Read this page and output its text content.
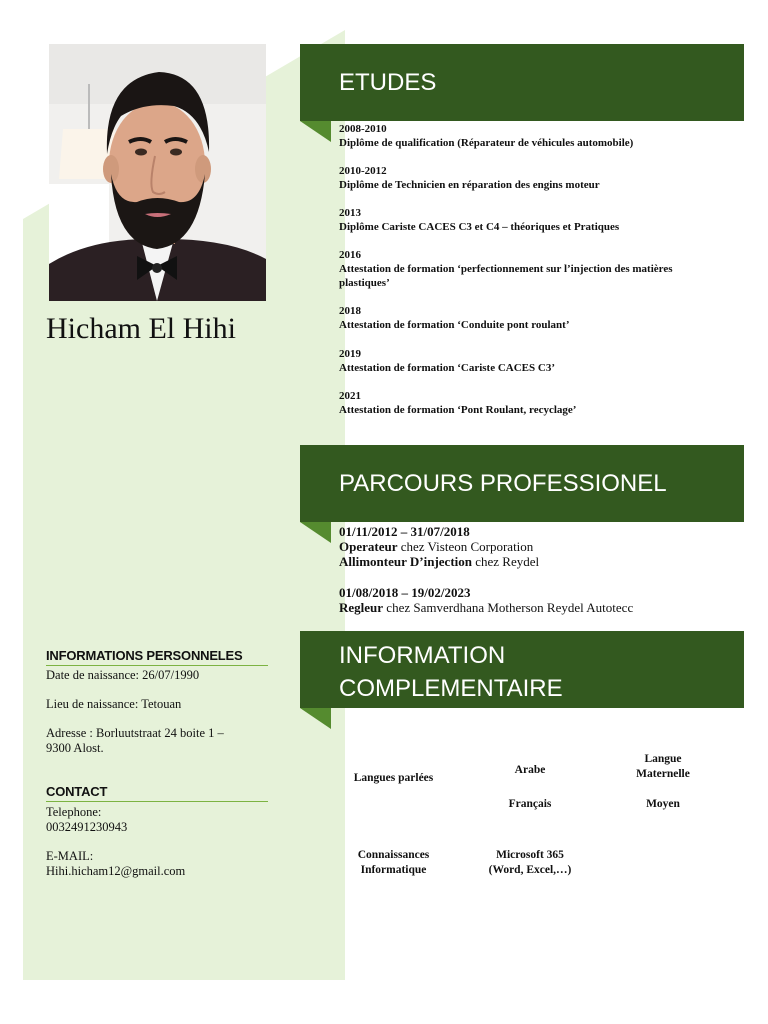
Hicham El Hihi
INFORMATIONS PERSONNELES
Date de naissance: 26/07/1990
Lieu de naissance: Tetouan
Adresse : Borluutstraat 24 boite 1 –
9300 Alost.
CONTACT
Telephone:
0032491230943
E-MAIL:
Hihi.hicham12@gmail.com
ETUDES
2008-2010
Diplôme de qualification (Réparateur de véhicules automobile)
2010-2012
Diplôme de Technicien en réparation des engins moteur
2013
Diplôme Cariste CACES C3 et C4 – théoriques et Pratiques
2016
Attestation de formation ‘perfectionnement sur l’injection des matières plastiques’
2018
Attestation de formation ‘Conduite pont roulant’
2019
Attestation de formation ‘Cariste CACES C3’
2021
Attestation de formation ‘Pont Roulant, recyclage’
PARCOURS PROFESSIONEL
01/11/2012 – 31/07/2018
Operateur chez Visteon Corporation
Allimonteur D’injection chez Reydel
01/08/2018 – 19/02/2023
Regleur chez Samverdhana Motherson Reydel Autotecc
INFORMATION
COMPLEMENTAIRE
Langues parlées
Arabe
Langue
Maternelle
Français	Moyen
Connaissances
Informatique
Microsoft 365
(Word, Excel,…)
